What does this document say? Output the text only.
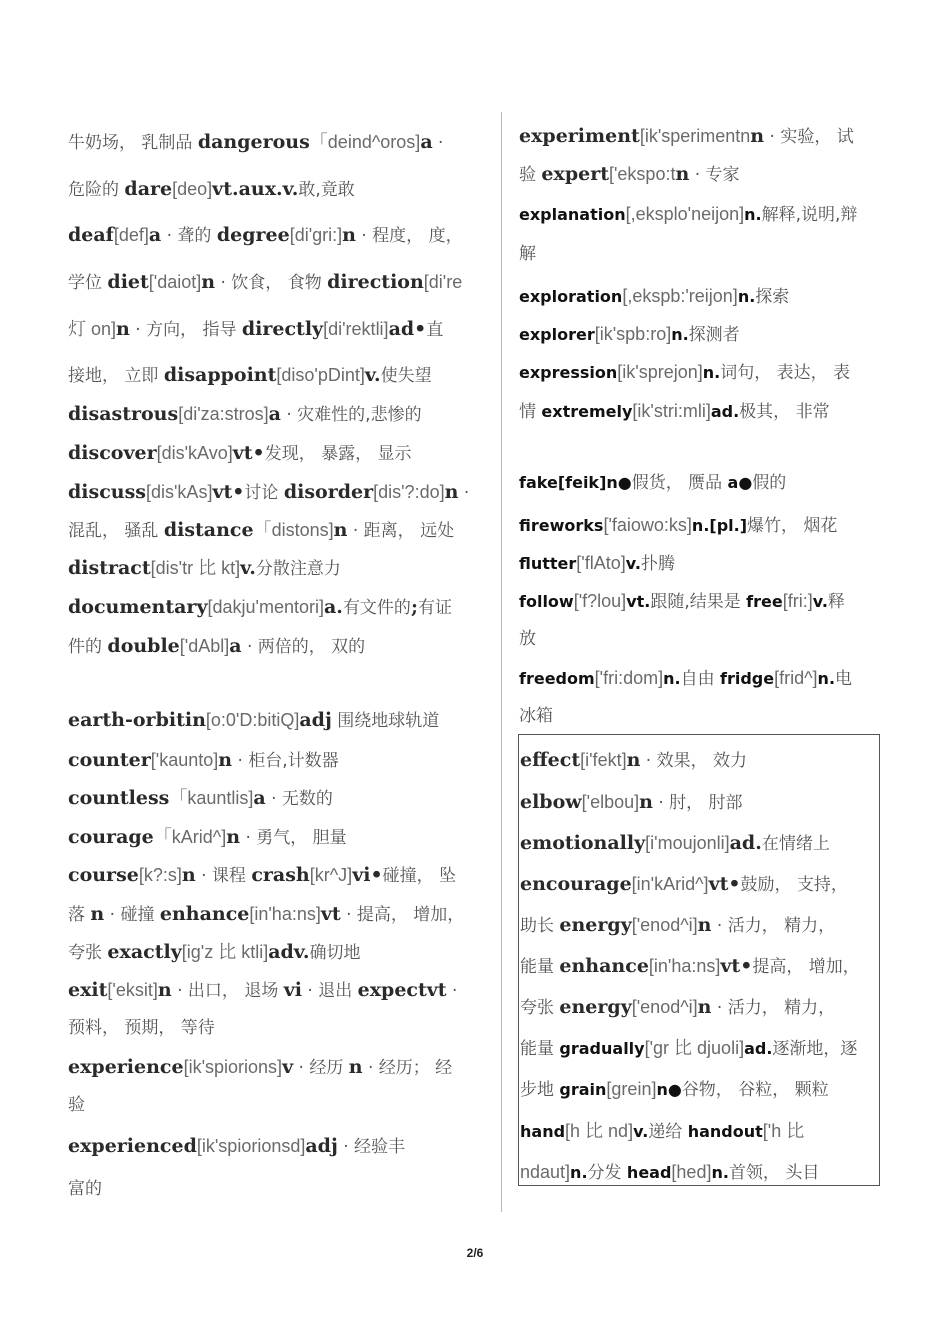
牛奶场， 乳制品 dangerous「deind^oros]a ·
危险的 dare[deo]vt.aux.v.敢,竟敢
deaf[def]a · 聋的 degree[di'gri:]n · 程度， 度，
学位 diet['daiot]n · 饮食， 食物 direction[di're
灯 on]n · 方向， 指导 directly[di'rektli]ad•直
接地， 立即 disappoint[diso'pDint]v.使失望
disastrous[di'za:stros]a · 灾难性的,悲惨的
discover[dis'kAvo]vt•发现， 暴露， 显示
discuss[dis'kAs]vt•讨论 disorder[dis'?:do]n ·
混乱， 骚乱 distance「distons]n · 距离， 远处
distract[dis'tr 比 kt]v.分散注意力
documentary[dakju'mentori]a.有文件的;有证
件的 double['dAbl]a · 两倍的， 双的
earth-orbitin[o:0'D:bitiQ]adj 围绕地球轨道
counter['kaunto]n · 柜台,计数器
countless「kauntlis]a · 无数的
courage「kArid^]n · 勇气， 胆量
course[k?:s]n · 课程 crash[kr^J]vi•碰撞， 坠
落 n · 碰撞 enhance[in'ha:ns]vt · 提高， 增加，
夸张 exactly[ig'z 比 ktli]adv.确切地
exit['eksit]n · 出口， 退场 vi · 退出 expectvt ·
预料， 预期， 等待
experience[ik'spiorions]v · 经历 n · 经历； 经
验
experienced[ik'spiorionsd]adj · 经验丰
富的
experiment[ik'sperimentnn · 实验， 试
验 expert['ekspo:tn · 专家
explanation[,eksplo'neijon]n.解释,说明,辩
解
exploration[,ekspb:'reijon]n.探索
explorer[ik'spb:ro]n.探测者
expression[ik'sprejon]n.词句， 表达， 表
情 extremely[ik'stri:mli]ad.极其， 非常
fake[feik]n●假货， 赝品 a●假的
fireworks['faiowo:ks]n.[pl.]爆竹， 烟花
flutter['flAto]v.扑腾
follow['f?lou]vt.跟随,结果是 free[fri:]v.释
放
freedom['fri:dom]n.自由 fridge[frid^]n.电
冰箱
effect[i'fekt]n · 效果， 效力
elbow['elbou]n · 肘， 肘部
emotionally[i'moujonli]ad.在情绪上
encourage[in'kArid^]vt•鼓励， 支持，
助长 energy['enod^i]n · 活力， 精力，
能量 enhance[in'ha:ns]vt•提高， 增加，
夸张 energy['enod^i]n · 活力， 精力，
能量 gradually['gr 比 djuoli]ad.逐渐地，逐
步地 grain[grein]n●谷物， 谷粒， 颗粒
hand[h 比 nd]v.递给 handout['h 比
ndaut]n.分发 head[hed]n.首领， 头目
2/6
